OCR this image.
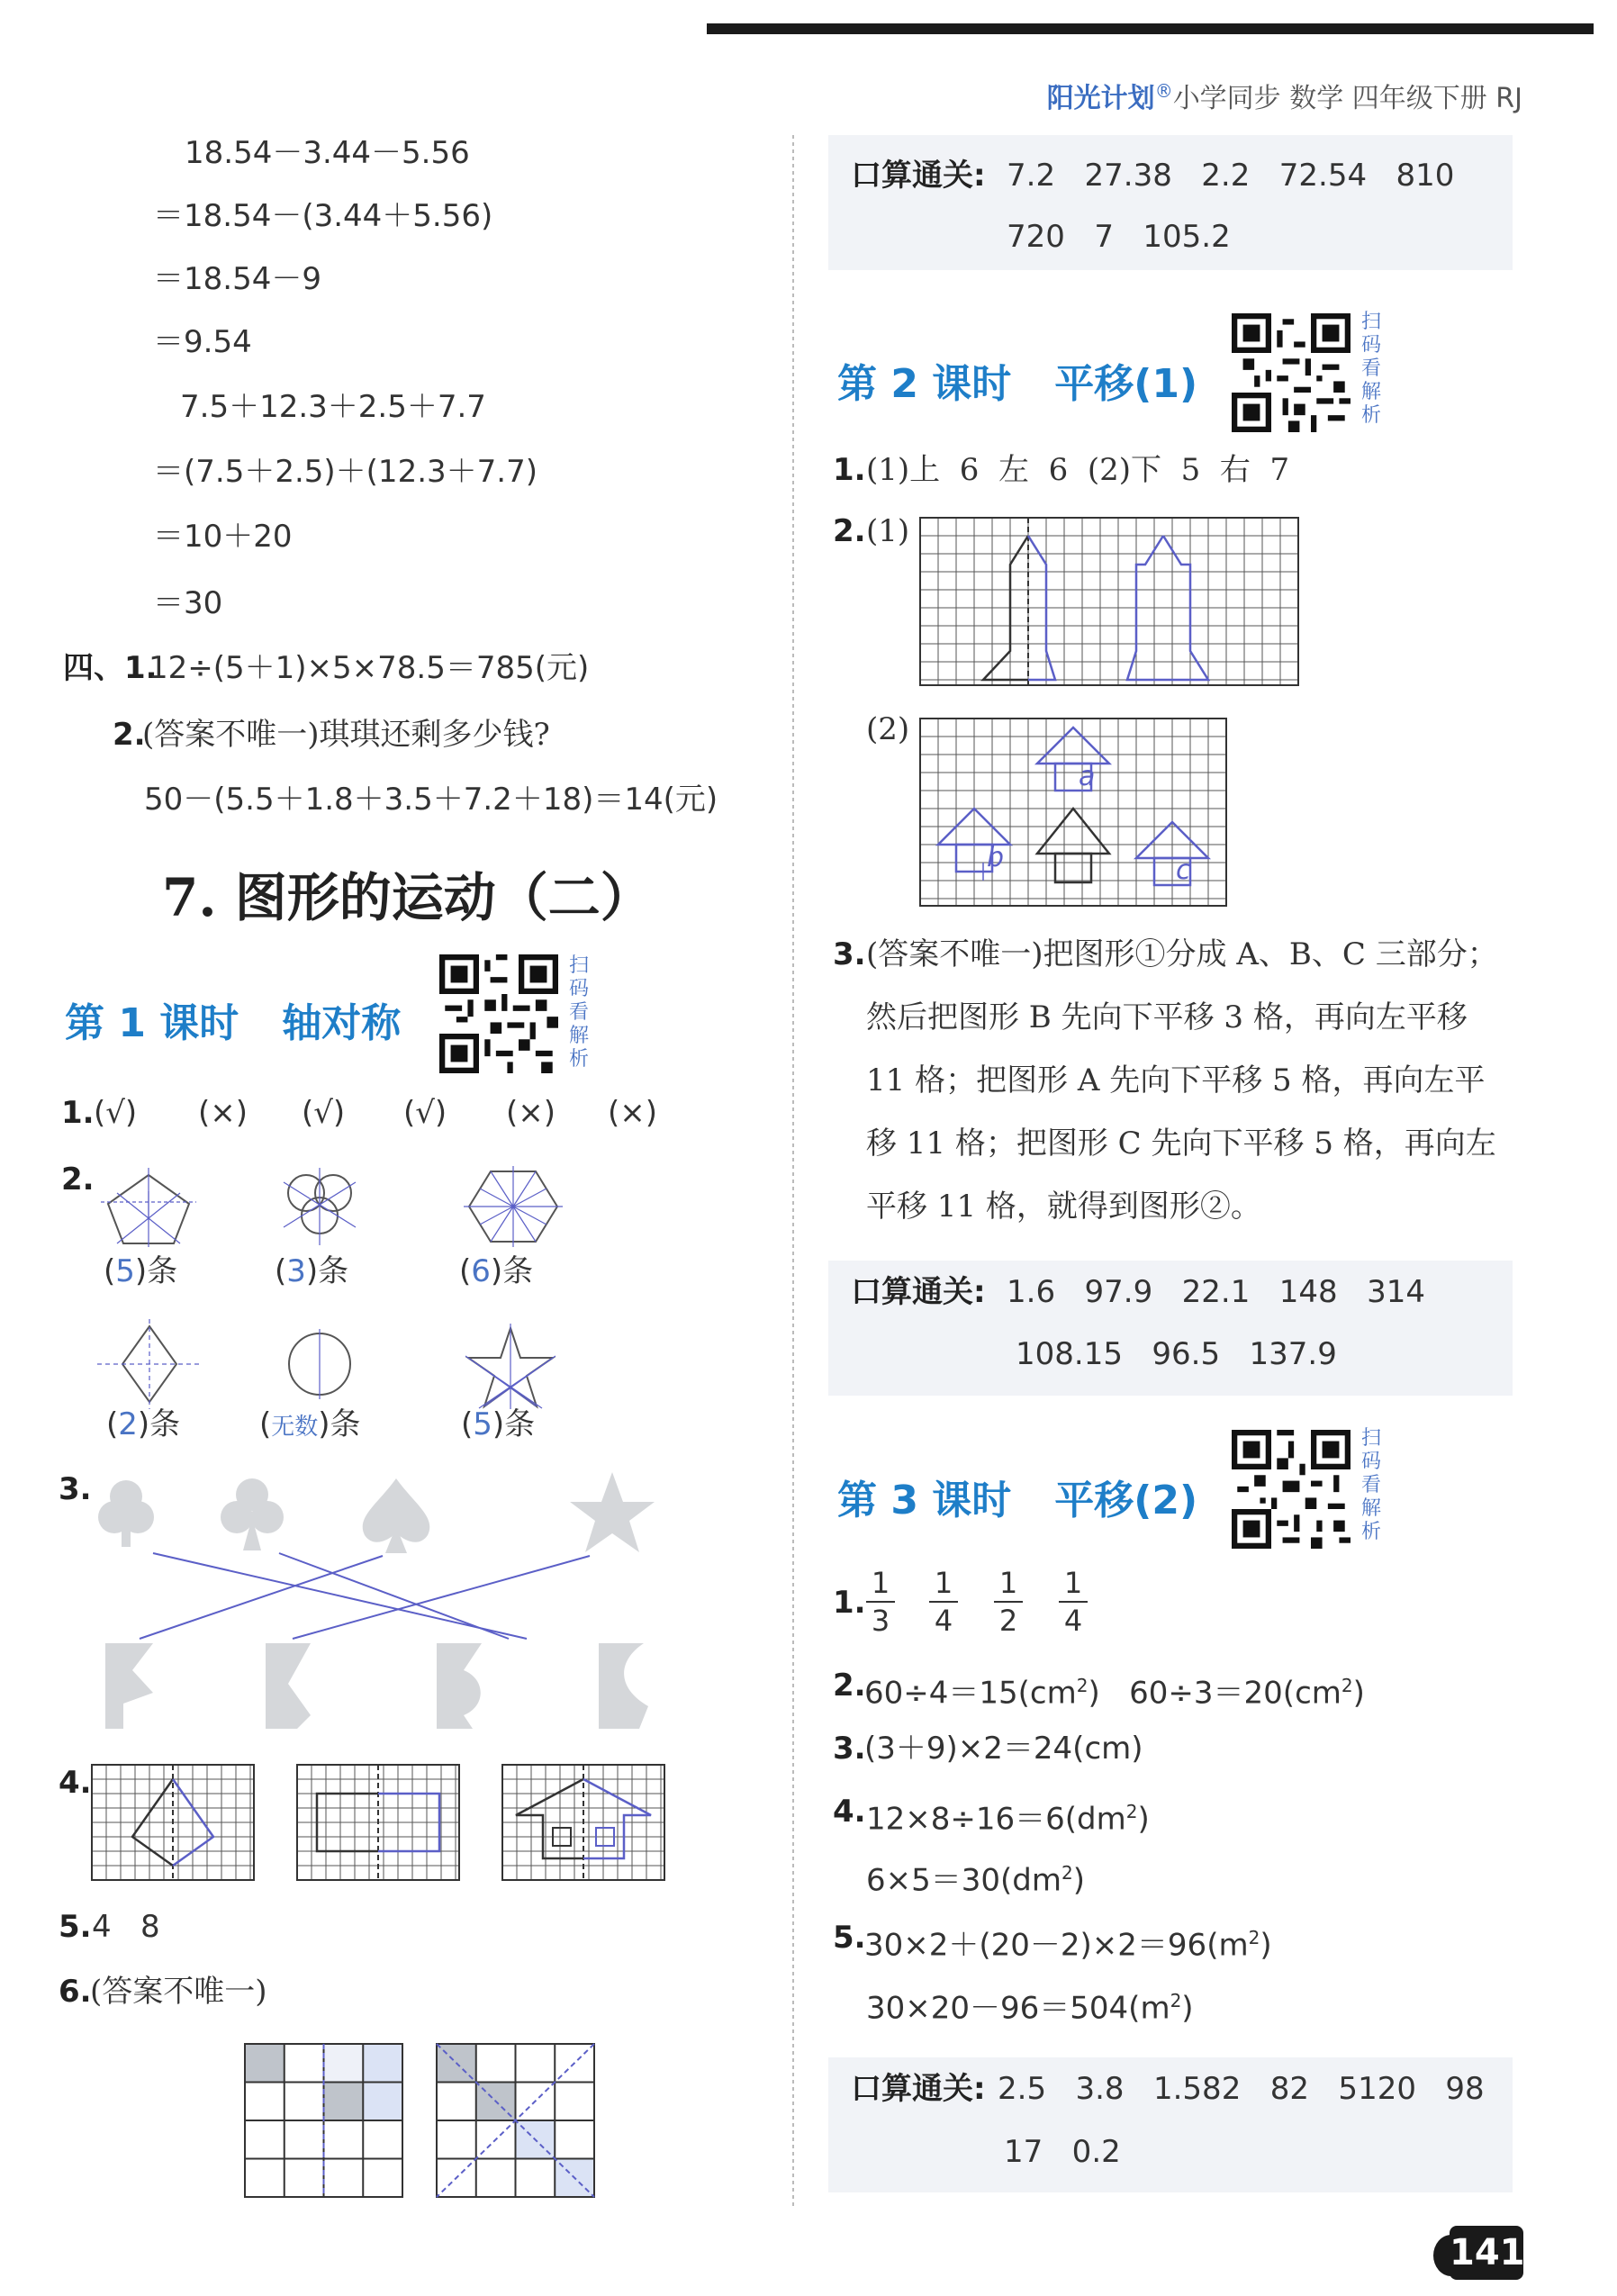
阳光计划®小学同步 数学 四年级下册 RJ
18.54－3.44－5.56
＝18.54－(3.44＋5.56)
＝18.54－9
＝9.54
7.5＋12.3＋2.5＋7.7
＝(7.5＋2.5)＋(12.3＋7.7)
＝10＋20
＝30
四、1.
12÷(5＋1)×5×78.5＝785(元)
2.
(答案不唯一)琪琪还剩多少钱?
50－(5.5＋1.8＋3.5＋7.2＋18)＝14(元)
7. 图形的运动（二）
第 1 课时 轴对称
扫码看解析
1. (√) (×) (√) (√) (×) (×)
2.
(5)条	(3)条	(6)条
(2)条	(无数)条	(5)条
3.
4.
5. 4   8
6.
(答案不唯一)
口算通关: 7.2   27.38   2.2   72.54   810
720   7   105.2
第 2 课时 平移(1)
扫码看解析
1. (1)上  6  左  6  (2)下  5  右  7
2. (1)
(2)
a
b	c
3. (答案不唯一)把图形①分成 A、B、C 三部分；
然后把图形 B 先向下平移 3 格，再向左平移
11 格；把图形 A 先向下平移 5 格，再向左平
移 11 格；把图形 C 先向下平移 5 格，再向左
平移 11 格，就得到图形②。
口算通关: 1.6   97.9   22.1   148   314
108.15   96.5   137.9
第 3 课时 平移(2)
扫码看解析
1.
1
3
1
4
1
2
1
4
2.
$60\div 4=15(cm^2)$   $60\div 3=20(cm^2)$
3.
(3＋9)×2＝24(cm)
4. $12\times 8\div 16=6(dm^2)$
$6\times 5=30(dm^2)$
5.
$30\times 2+(20-2)\times 2=96(m^2)$
$30\times 20-96=504(m^2)$
口算通关: 2.5   3.8   1.582   82   5120   98
17   0.2
141
